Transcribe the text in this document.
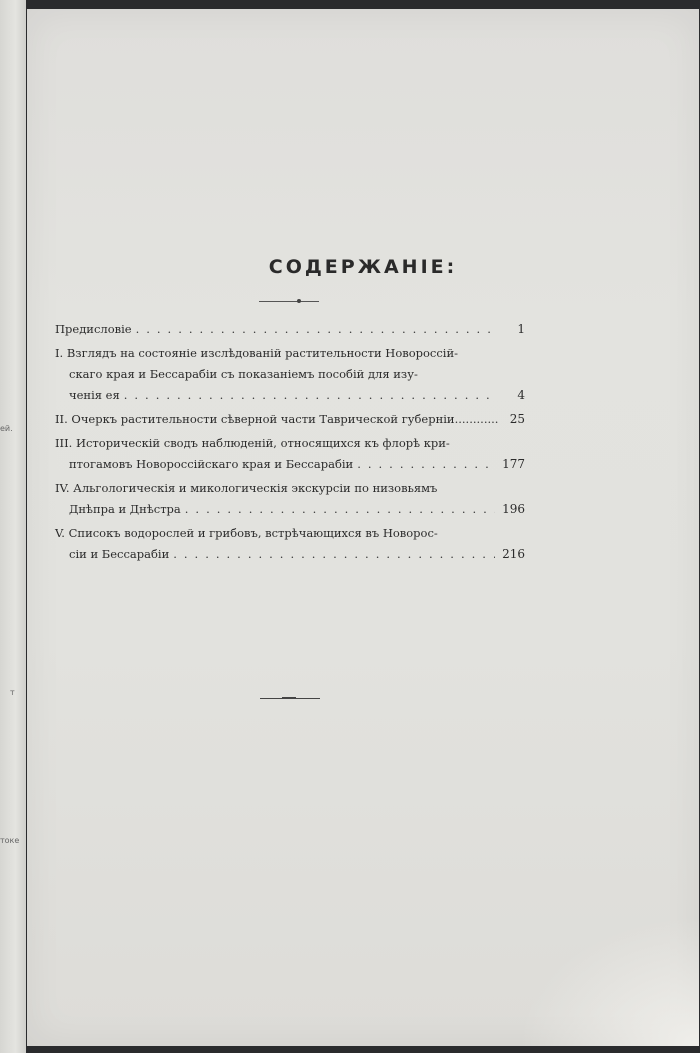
ей.
т
токе
СОДЕРЖАНІЕ:
Предисловіе .....	1
I. Взглядъ на состояніе изслѣдованій растительности Новороссій-
скаго края и Бессарабіи съ показаніемъ пособій для изу-
ченія ея .....	4
II. Очеркъ растительности сѣверной части Таврической губерніи .....	25
III. Историческій сводъ наблюденій, относящихся къ флорѣ кри-
птогамовъ Новороссійскаго края и Бессарабіи .....	177
IV. Альгологическія и микологическія экскурсіи по низовьямъ
Днѣпра и Днѣстра .....	196
V. Списокъ водорослей и грибовъ, встрѣчающихся въ Новорос-
сіи и Бессарабіи .....	216
